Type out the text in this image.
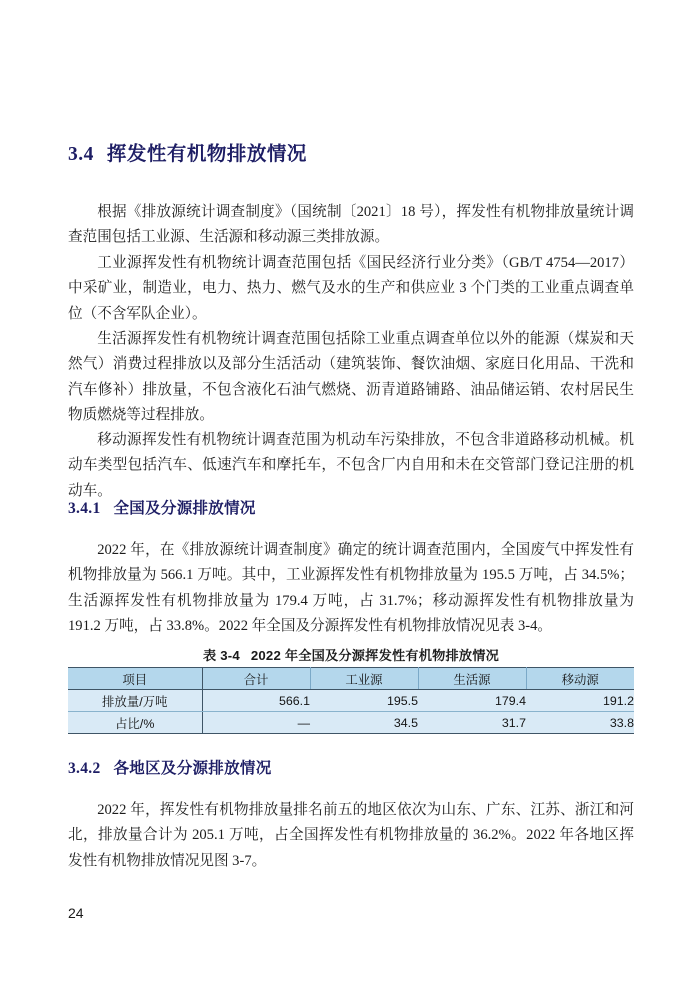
3.4 挥发性有机物排放情况

根据《排放源统计调查制度》（国统制〔2021〕18 号），挥发性有机物排放量统计调查范围包括工业源、生活源和移动源三类排放源。

工业源挥发性有机物统计调查范围包括《国民经济行业分类》（GB/T 4754—2017）中采矿业，制造业，电力、热力、燃气及水的生产和供应业 3 个门类的工业重点调查单位（不含军队企业）。

生活源挥发性有机物统计调查范围包括除工业重点调查单位以外的能源（煤炭和天然气）消费过程排放以及部分生活活动（建筑装饰、餐饮油烟、家庭日化用品、干洗和汽车修补）排放量，不包含液化石油气燃烧、沥青道路铺路、油品储运销、农村居民生物质燃烧等过程排放。

移动源挥发性有机物统计调查范围为机动车污染排放，不包含非道路移动机械。机动车类型包括汽车、低速汽车和摩托车，不包含厂内自用和未在交管部门登记注册的机动车。

3.4.1 全国及分源排放情况

2022 年，在《排放源统计调查制度》确定的统计调查范围内，全国废气中挥发性有机物排放量为 566.1 万吨。其中，工业源挥发性有机物排放量为 195.5 万吨，占 34.5%；生活源挥发性有机物排放量为 179.4 万吨，占 31.7%；移动源挥发性有机物排放量为 191.2 万吨，占 33.8%。2022 年全国及分源挥发性有机物排放情况见表 3-4。

表 3-4 2022 年全国及分源挥发性有机物排放情况
项目	合计	工业源	生活源	移动源
排放量/万吨	566.1	195.5	179.4	191.2
占比/%	—	34.5	31.7	33.8
3.4.2 各地区及分源排放情况

2022 年，挥发性有机物排放量排名前五的地区依次为山东、广东、江苏、浙江和河北，排放量合计为 205.1 万吨，占全国挥发性有机物排放量的 36.2%。2022 年各地区挥发性有机物排放情况见图 3-7。

24
